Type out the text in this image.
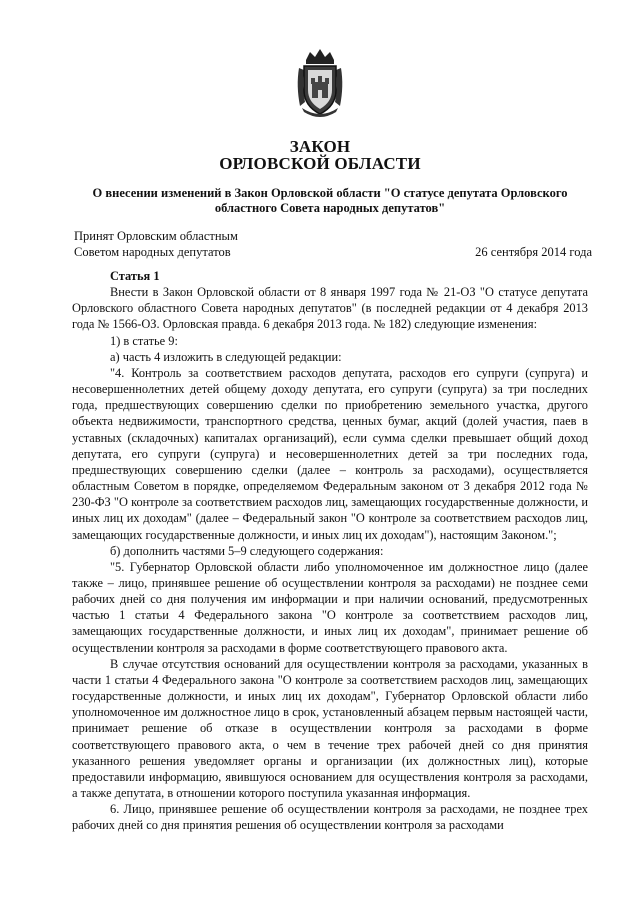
ЗАКОН
ОРЛОВСКОЙ ОБЛАСТИ
О внесении изменений в Закон Орловской области "О статусе депутата Орловского областного Совета народных депутатов"
Принят Орловским областным
Советом народных депутатов	26 сентября 2014 года

Статья 1

Внести в Закон Орловской области от 8 января 1997 года № 21-ОЗ "О статусе депутата Орловского областного Совета народных депутатов" (в последней редакции от 4 декабря 2013 года № 1566-ОЗ. Орловская правда. 6 декабря 2013 года. № 182) следующие изменения:

1) в статье 9:

а) часть 4 изложить в следующей редакции:

"4. Контроль за соответствием расходов депутата, расходов его супруги (супруга) и несовершеннолетних детей общему доходу депутата, его супруги (супруга) за три последних года, предшествующих совершению сделки по приобретению земельного участка, другого объекта недвижимости, транспортного средства, ценных бумаг, акций (долей участия, паев в уставных (складочных) капиталах организаций), если сумма сделки превышает общий доход депутата, его супруги (супруга) и несовершеннолетних детей за три последних года, предшествующих совершению сделки (далее – контроль за расходами), осуществляется областным Советом в порядке, определяемом Федеральным законом от 3 декабря 2012 года № 230-ФЗ "О контроле за соответствием расходов лиц, замещающих государственные должности, и иных лиц их доходам" (далее – Федеральный закон "О контроле за соответствием расходов лиц, замещающих государственные должности, и иных лиц их доходам"), настоящим Законом.";

б) дополнить частями 5–9 следующего содержания:

"5. Губернатор Орловской области либо уполномоченное им должностное лицо (далее также – лицо, принявшее решение об осуществлении контроля за расходами) не позднее семи рабочих дней со дня получения им информации и при наличии оснований, предусмотренных частью 1 статьи 4 Федерального закона "О контроле за соответствием расходов лиц, замещающих государственные должности, и иных лиц их доходам", принимает решение об осуществлении контроля за расходами в форме соответствующего правового акта.

В случае отсутствия оснований для осуществлении контроля за расходами, указанных в части 1 статьи 4 Федерального закона "О контроле за соответствием расходов лиц, замещающих государственные должности, и иных лиц их доходам", Губернатор Орловской области либо уполномоченное им должностное лицо в срок, установленный абзацем первым настоящей части, принимает решение об отказе в осуществлении контроля за расходами в форме соответствующего правового акта, о чем в течение трех рабочей дней со дня принятия указанного решения уведомляет органы и организации (их должностных лиц), которые предоставили информацию, явившуюся основанием для осуществления контроля за расходами, а также депутата, в отношении которого поступила указанная информация.

6. Лицо, принявшее решение об осуществлении контроля за расходами, не позднее трех рабочих дней со дня принятия решения об осуществлении контроля за расходами
